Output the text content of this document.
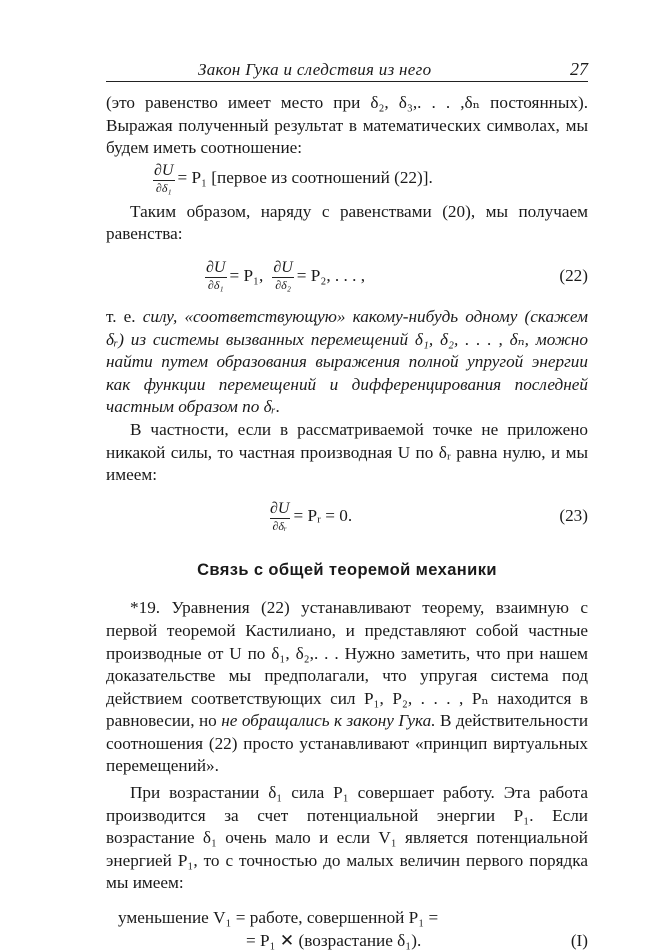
Закон Гука и следствия из него	27

(это равенство имеет место при δ₂, δ₃,. . . ,δₙ постоянных). Выражая полученный результат в математических символах, мы будем иметь соотношение:

$\frac{\partial U}{\text{∂δ₁}} = P_1$ [первое из соотношений (22)].

Таким образом, наряду с равенствами (20), мы получаем равенства:

$\frac{\partial U}{\text{∂δ₁}} = P_1$, $\frac{\partial U}{\text{∂δ₂}} = P_2$, . . . ,	(22)

т. е. силу, «соответствующую» какому-нибудь одному (скажем δᵣ) из системы вызванных перемещений δ₁, δ₂, . . . , δₙ, можно найти путем образования выражения полной упругой энергии как функции перемещений и дифференцирования последней частным образом по δᵣ.

В частности, если в рассматриваемой точке не приложено никакой силы, то частная производная U по δᵣ равна нулю, и мы имеем:

$\frac{\partial U}{\text{∂δᵣ}}$ = Pᵣ = 0.	(23)
Связь с общей теоремой механики

*19. Уравнения (22) устанавливают теорему, взаимную с первой теоремой Кастилиано, и представляют собой частные производные от U по δ₁, δ₂,. . . Нужно заметить, что при нашем доказательстве мы предполагали, что упругая система под действием соответствующих сил P₁, P₂, . . . , Pₙ находится в равновесии, но не обращались к закону Гука. В действительности соотношения (22) просто устанавливают «принцип виртуальных перемещений».

При возрастании δ₁ сила P₁ совершает работу. Эта работа производится за счет потенциальной энергии P₁. Если возрастание δ₁ очень мало и если V₁ является потенциальной энергией P₁, то с точностью до малых величин первого порядка мы имеем:

уменьшение V₁ = работе, совершенной P₁ =
= P₁ ✕ (возрастание δ₁).	(I)
